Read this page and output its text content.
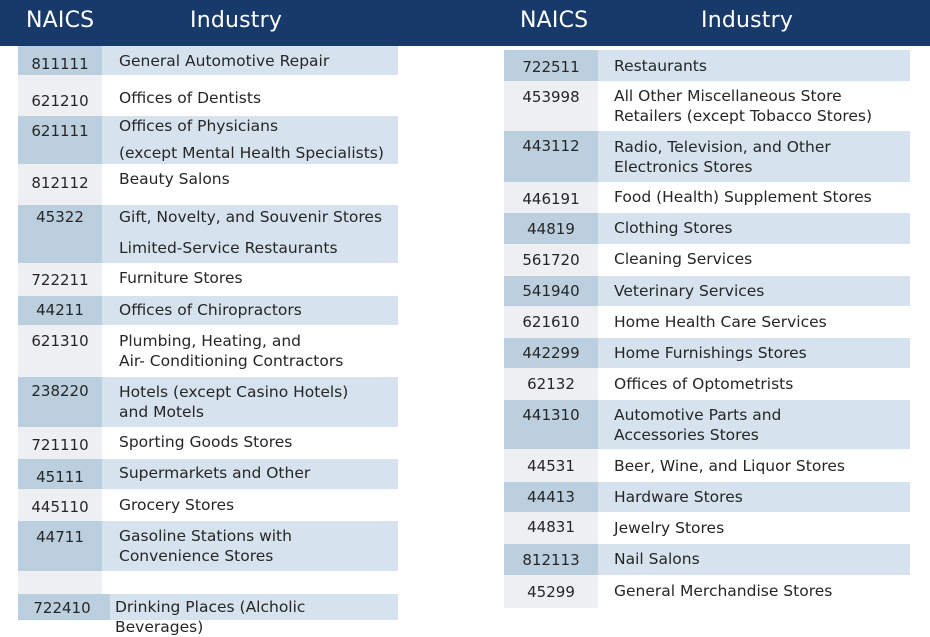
NAICS	Industry	NAICS	Industry
811111	General Automotive Repair
621210	Offices of Dentists
621111	Offices of Physicians
(except Mental Health Specialists)
812112	Beauty Salons
45322	Gift, Novelty, and Souvenir Stores
Limited-Service Restaurants
722211	Furniture Stores
44211	Offices of Chiropractors
621310	Plumbing, Heating, and
Air- Conditioning Contractors
238220	Hotels (except Casino Hotels)
and Motels
721110	Sporting Goods Stores
45111	Supermarkets and Other
445110	Grocery Stores
44711	Gasoline Stations with
Convenience Stores
722410	Drinking Places (Alcholic Beverages)
722511	Restaurants
453998	All Other Miscellaneous Store
Retailers (except Tobacco Stores)
443112	Radio, Television, and Other
Electronics Stores
446191	Food (Health) Supplement Stores
44819	Clothing Stores
561720	Cleaning Services
541940	Veterinary Services
621610	Home Health Care Services
442299	Home Furnishings Stores
62132	Offices of Optometrists
441310	Automotive Parts and
Accessories Stores
44531	Beer, Wine, and Liquor Stores
44413	Hardware Stores
44831	Jewelry Stores
812113	Nail Salons
45299	General Merchandise Stores
